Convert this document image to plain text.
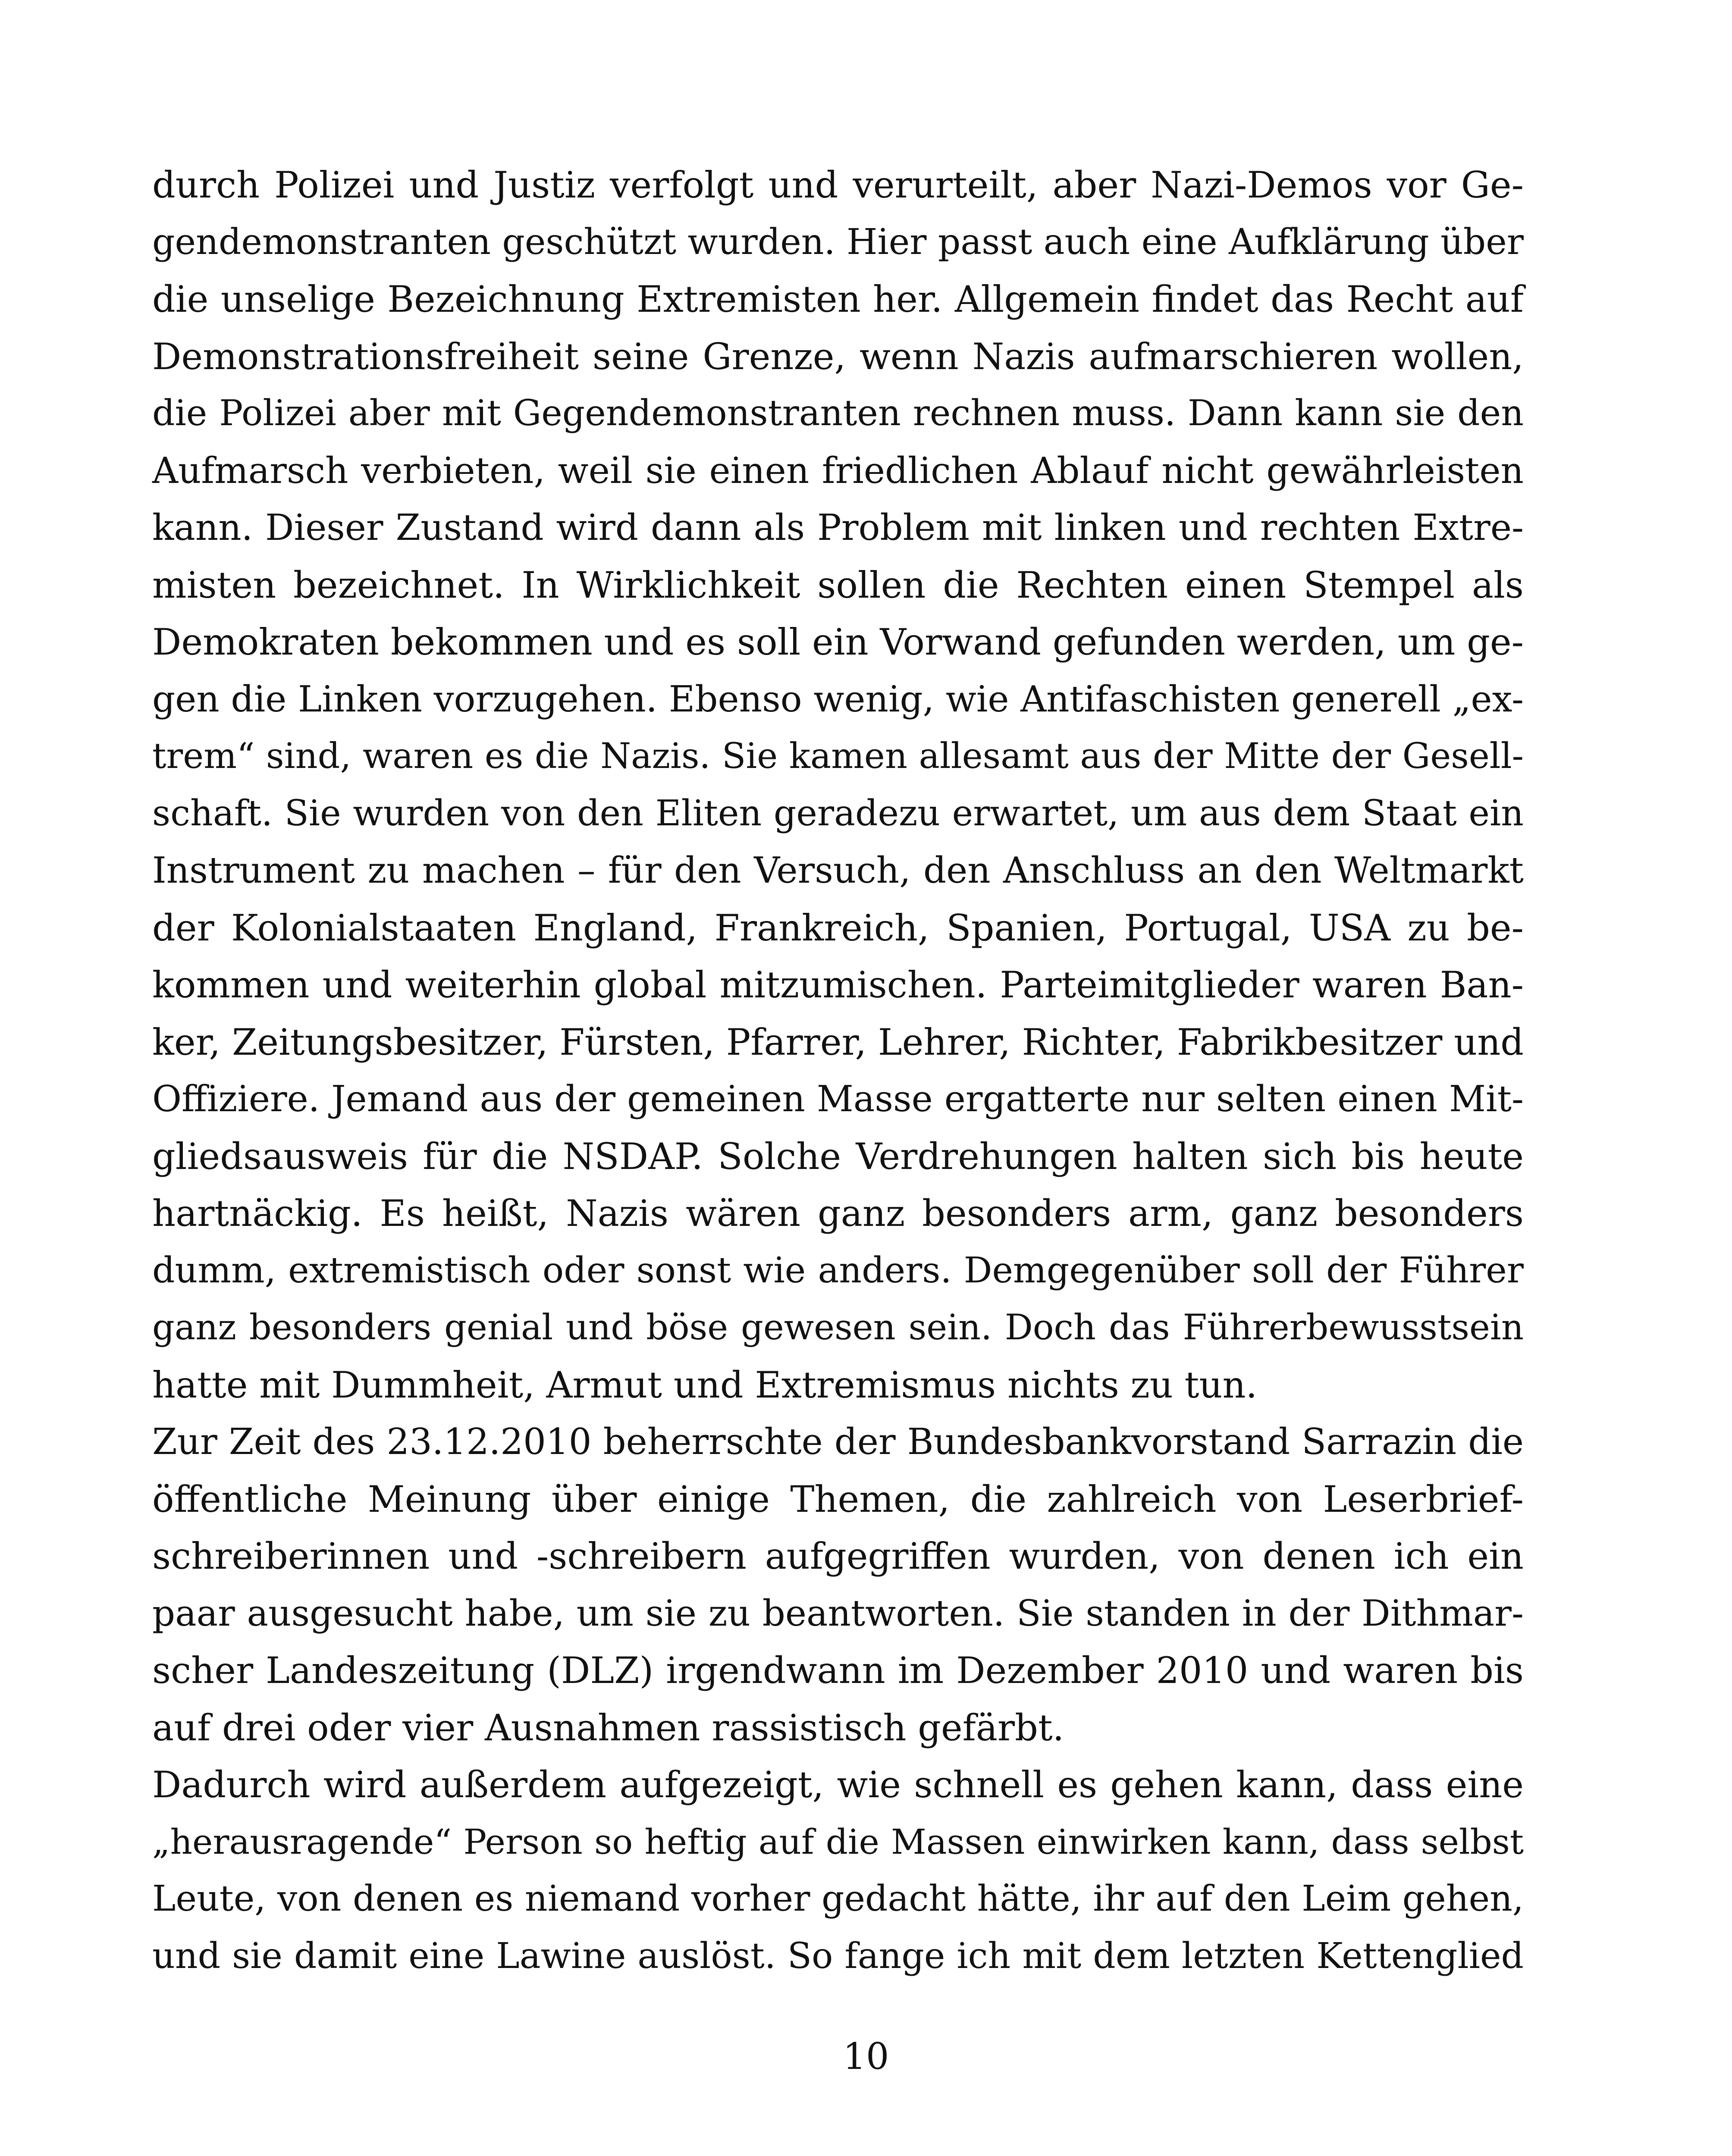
durch Polizei und Justiz verfolgt und verurteilt, aber Nazi-Demos vor Ge-
gendemonstranten geschützt wurden. Hier passt auch eine Aufklärung über
die unselige Bezeichnung Extremisten her. Allgemein findet das Recht auf
Demonstrationsfreiheit seine Grenze, wenn Nazis aufmarschieren wollen,
die Polizei aber mit Gegendemonstranten rechnen muss. Dann kann sie den
Aufmarsch verbieten, weil sie einen friedlichen Ablauf nicht gewährleisten
kann. Dieser Zustand wird dann als Problem mit linken und rechten Extre-
misten bezeichnet. In Wirklichkeit sollen die Rechten einen Stempel als
Demokraten bekommen und es soll ein Vorwand gefunden werden, um ge-
gen die Linken vorzugehen. Ebenso wenig, wie Antifaschisten generell „ex-
trem“ sind, waren es die Nazis. Sie kamen allesamt aus der Mitte der Gesell-
schaft. Sie wurden von den Eliten geradezu erwartet, um aus dem Staat ein
Instrument zu machen – für den Versuch, den Anschluss an den Weltmarkt
der Kolonialstaaten England, Frankreich, Spanien, Portugal, USA zu be-
kommen und weiterhin global mitzumischen. Parteimitglieder waren Ban-
ker, Zeitungsbesitzer, Fürsten, Pfarrer, Lehrer, Richter, Fabrikbesitzer und
Offiziere. Jemand aus der gemeinen Masse ergatterte nur selten einen Mit-
gliedsausweis für die NSDAP. Solche Verdrehungen halten sich bis heute
hartnäckig. Es heißt, Nazis wären ganz besonders arm, ganz besonders
dumm, extremistisch oder sonst wie anders. Demgegenüber soll der Führer
ganz besonders genial und böse gewesen sein. Doch das Führerbewusstsein
hatte mit Dummheit, Armut und Extremismus nichts zu tun.
Zur Zeit des 23.12.2010 beherrschte der Bundesbankvorstand Sarrazin die
öffentliche Meinung über einige Themen, die zahlreich von Leserbrief-
schreiberinnen und -schreibern aufgegriffen wurden, von denen ich ein
paar ausgesucht habe, um sie zu beantworten. Sie standen in der Dithmar-
scher Landeszeitung (DLZ) irgendwann im Dezember 2010 und waren bis
auf drei oder vier Ausnahmen rassistisch gefärbt.
Dadurch wird außerdem aufgezeigt, wie schnell es gehen kann, dass eine
„herausragende“ Person so heftig auf die Massen einwirken kann, dass selbst
Leute, von denen es niemand vorher gedacht hätte, ihr auf den Leim gehen,
und sie damit eine Lawine auslöst. So fange ich mit dem letzten Kettenglied
10
